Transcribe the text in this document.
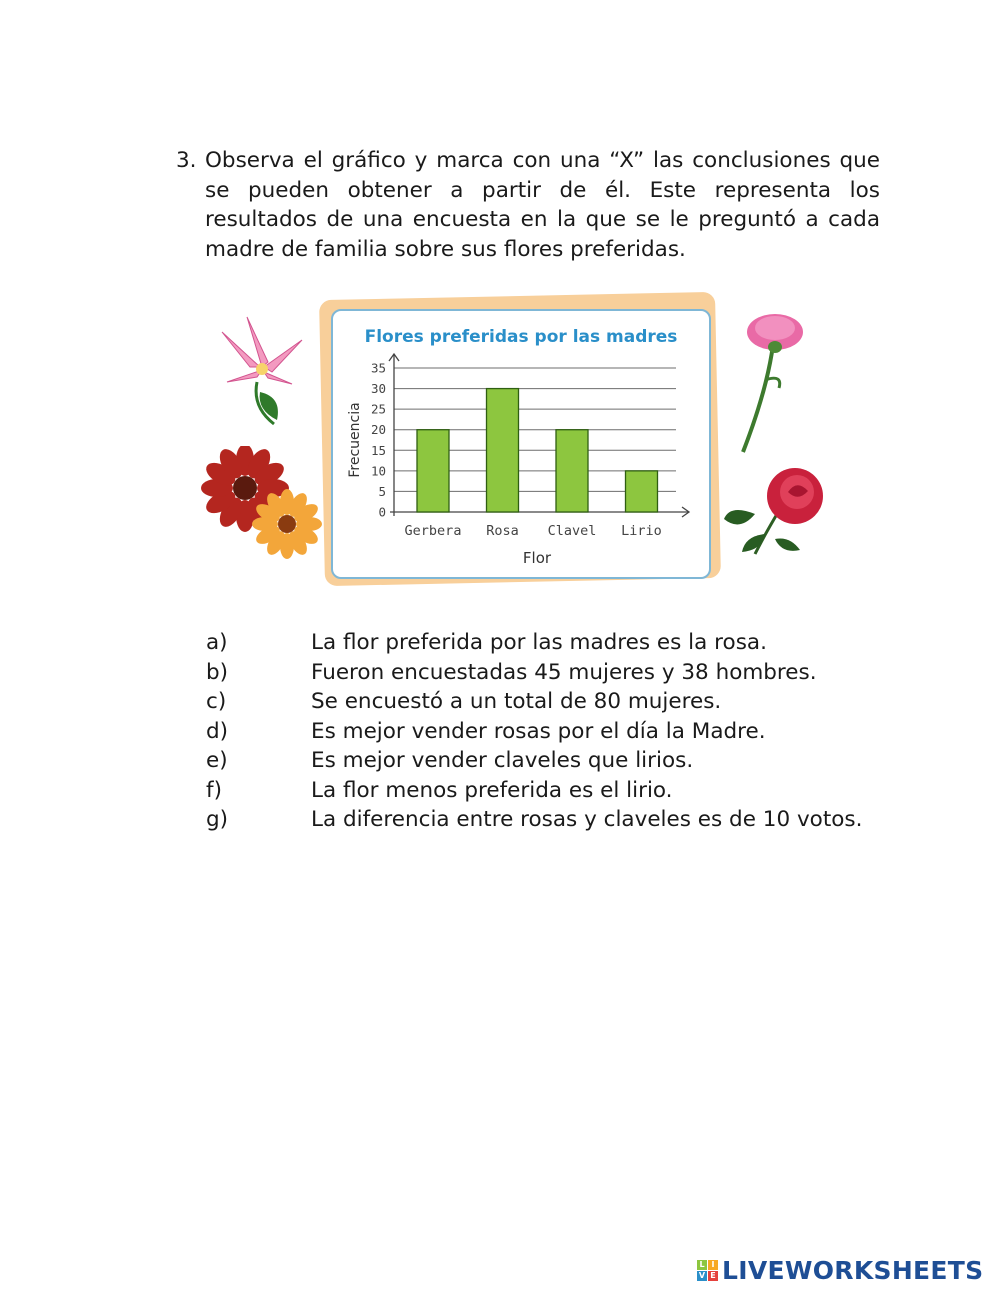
3. Observa el gráfico y marca con una “X” las conclusiones que se pueden obtener a partir de él. Este representa los resultados de una encuesta en la que se le preguntó a cada madre de familia sobre sus flores preferidas.
Flores preferidas por las madres
0
5
10
15
20
25
30
35
Gerbera Rosa Clavel Lirio
Flor
Frecuencia
a)	La flor preferida por las madres es la rosa.
b)	Fueron encuestadas 45 mujeres y 38 hombres.
c)	Se encuestó a un total de 80 mujeres.
d)	Es mejor vender rosas por el día la Madre.
e)	Es mejor vender claveles que lirios.
f)	La flor menos preferida es el lirio.
g)	La diferencia entre rosas y claveles es de 10 votos.
L I
V E LIVEWORKSHEETS
